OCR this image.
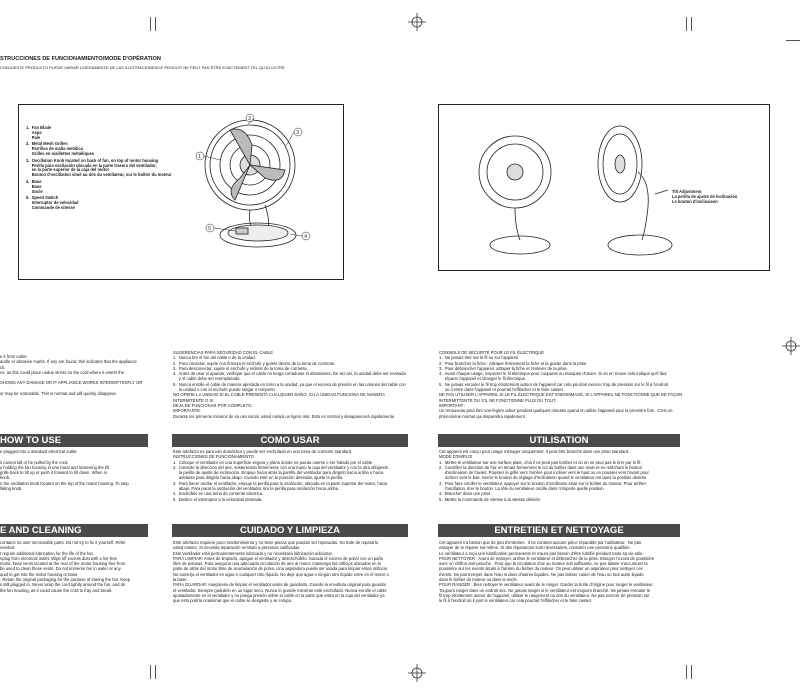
STRUCCIONES DE FUNCIONAMIENTO/MODE D'OPÉRATION
CONJUESTE PRODUCTO PUEDE VARIAR LIGERAMENTE DE LAS ILUSTRACIONES/LE PRODUIT NE PEUT PAS ÊTRE EXACTEMENT TEL QU'ILLUSTRÉ
1.  Fan Blade
Aspa
Pale
2.  Metal Mesh Grilles
Parrillas de malla metálica
Grilles en maillettes métalliques
3.  Oscillation Knob located on back of fan, on top of motor housing
Perilla para oscilación ubicada en la parte trasera del ventilador,
en la parte superior de la caja del motor
Bouton d'oscillation situé au dos du ventilateur, sur le boîtier du moteur
4.  Base
Base
Socle
5.  Speed Switch
Interruptor de velocidad
Commande de vitesse
1
2
3
4
5
Tilt Adjustment
La perilla de ajuste de inclinación
Le bouton d'inclinaison
e it from outlet.
andle or abrasive marks. If any are found, this indicates that the appliance
ck.
ce, as this could place undue stress on the cord where it enters the

SHOWS ANY DAMAGE OR IF APPLIANCE WORKS INTERMITTENTLY OR

or may be noticeable. This is normal and will quickly disappear.
HOW TO USE
e plugged into a standard electrical outlet.

it cannot fall or be pulled by the cord.
y holding the fan housing in one hand and loosening the tilt
grille back to tilt up or push it forward to tilt down. When in
knob.
n the oscillation knob located on the top of the motor housing. To stop
llating knob.
E AND CLEANING
contains no user serviceable parts. Do not try to fix it yourself. Refer
needed.
t require additional lubrication for the life of the fan.
nplug from electrical outlet. Wipe off excess dust with a lint-free
motor, keep vents located at the rear of the motor housing free from
be used to clean these vents. Do not immerse fan in water or any
quid to get into the motor housing or base.
. Retain the original packaging for the purpose of storing the fan. Keep
s still plugged in. Never wrap the cord tightly around the fan, and do
the fan housing, as it could cause the cord to fray and break.
SUGERENCIAS PARA SEGURIDAD CON EL CABLE
1.  Nunca tire el tire del cable o de la unidad.
2.  Para conectar, sujete con firmeza el enchufe y guíelo dentro de la toma de corriente.
3.  Para desconectar, sujete el enchufe y retírelo de la toma de corriente.
4.  Antes de usar el aparato, verifique que el cable no tenga cortaduras ni abrasiones. De ser así, la unidad debe ser revisada
y el cable debe ser reemplazado.
5.  Nunca enrolle el cable de manera apretada en torno a la unidad, ya que el exceso de presión en las uniones del cable con
la unidad o con el enchufe puede rasgar o romperlo.
NO OPERE LA UNIDAD SI EL CABLE PRESENTA CUALQUIER DAÑO, SI LA UNIDAD FUNCIONA DE MANERA INTERMITENTE O SI
DEJA DE FUNCIONAR POR COMPLETO.
IMPORTANTE:
Durante los primeros minutos de su uso inicial, usted notará un ligero olor. Esto es normal y desaparecerá rápidamente.
COMO USAR
Este artefacto es para uso doméstico y puede ser enchufado en una toma de corriente standard.
INSTRUCCIONES DE FUNCIONAMIENTO
1.  Coloque el ventilador en una superficie segura y plana donde no pueda caerse o ser halado por el cable.
2.  Controle la dirección del aire, sosteniendo firmemente con una mano la caja del ventilador y con la otra aflojando
la perilla de ajuste de inclinación. Empuje hacia atrás la parrilla del ventilador para dirigirlo hacia arriba o hacia
adelante para dirigirlo hacia abajo. Cuando esté en la posición deseada, ajuste la perilla.
3.  Para hacer oscilar el ventilador, empuje la perilla para la oscilación, ubicada en la parte superior del motor, hacia
abajo. Para parar la oscilación del ventilador, tire la perilla para oscilación hacia arriba.
4.  Enchúfelo en una toma de corriente eléctrica.
5.  Deslice el interruptor a la velocidad deseada.
CUIDADO Y LIMPIEZA
Este artefacto requiere poco mantenimiento y no tiene piezas que puedan ser reparadas. No trate de repararlo
usted mismo. Si necesita reparación remítalo a personas calificadas.
Este ventilador está permanentemente lubricado y no necesitará lubricación adicional.
PARA LIMPIAR: Antes de limpiarlo, apague el ventilador y desenchúfelo. Sacuda el exceso de polvo con un paño
libre de pelusas. Para asegurar una adecuada circulación de aire al motor, mantenga los orificios ubicados en la
parte de atrás del motor libre de acumulación de polvo. Una aspiradora puede ser usada para limpiar estos orificios.
No sumerja el ventilador en agua o cualquier otro líquido. No deje que agua o ningún otro líquido entre en el motor o
la base.
PARA GUARDAR: Asegúrese de limpiar el ventilador antes de guardarlo. Guarde la envoltura original para guardar
el ventilador. Siempre guárdelo en un lugar seco. Nunca lo guarde mientras esté enchufado. Nunca enrolle el cable
ajustadamente en el ventilador y no ponga presión sobre el cable en la parte que entra en la caja del ventilador ya
que esto podría ocasionar que el cable se desgaste y se rompa.
CONSEILS DE SÉCURITÉ POUR LE FIL ÉLECTRIQUE
1.  Ne jamais tirer sur le fil ou sur l'appareil
2.  Pour brancher la fiche : Attraper fermement la fiche et la guider dans la prise.
3.  Pour débrancher l'appareil, attraper la fiche et l'enlever de la prise.
4.  Avant chaque usage, inspecter le fil électrique pour coupures ou marques d'usure. Si on en trouve cela indique qu'il faut
réparer l'appareil et changer le fil électrique.
5.  Ne jamais enrouler le fil trop étroitement autour de l'appareil car cela pourrait exercer trop de pression sur le fil à l'endroit
où il entre dans l'appareil et pourrait l'effilocher et le faire casser.
NE PAS UTILISER L'APPAREIL SI LE FIL ÉLECTRIQUE EST ENDOMMAGÉ, SI L'APPAREIL NE FONCTIONNE QUE DE FAÇON
INTERMITTENTE OU S'IL NE FONCTIONNE PLUS DU TOUT.
IMPORTANT :
Un renouveau peut être une légère odeur pendant quelques minutes quand on utilise l'appareil pour la première fois.  C'est un
phénomène normal qui disparaîtra rapidement.
UTILISATION
Cet appareil est conçu pour usage ménager uniquement. Il peut être branché dans une prise standard.
MODE D'EMPLOI
1.  Mettre le ventilateur sur une surface plate, d'où il ne peut pas tomber et où on ne peut pas le tirer par le fil.
2.  Contrôler la direction de l'air en tenant fermement le col du boîtier dans une main et en relâchant le bouton
d'inclinaison de l'avant. Pousser la grille vers l'arrière pour incliner vers le haut ou en pousser vers l'avant pour
incliner vers le bas. Serrer le bouton de réglage d'inclinaison quand le ventilateur est dans la position désirée.
3.  Pour faire osciller le ventilateur, appuyer sur le bouton d'oscillation situé sur le boîtier du moteur. Pour arrêter
l'oscillation, tirer le bouton. La tête du ventilateur oscille dans n'importe quelle position.
4.  Brancher dans une prise.
5.  Mettre la commande de vitesse à la vitesse désirée.
ENTRETIEN ET NETTOYAGE
Cet appareil n'a besoin que de peu d'entretien.  Il ne contient aucune pièce réparable par l'utilisateur.  Ne pas
essayer de le réparer soi-même. Si des réparations sont nécessaires, consulter une personne qualifiée.
Le ventilateur a reçu une lubrification permanente et n'aura pas besoin d'être lubrifié pendant toute sa vie utile.
POUR NETTOYER : Avant de nettoyer, arrêter le ventilateur et débrancher de la prise. Essuyer l'excès de poussière
avec un chiffon anti-peluche.  Pour que la circulation d'air au moteur soit suffisante, ne pas laisser s'accumuler la
poussière sur les évents situés à l'arrière du boîtier du moteur. On peut utiliser un aspirateur pour nettoyer ces
évents. Ne pas tremper dans l'eau ni dans d'autres liquides. Ne pas laisser couler de l'eau ou tout autre liquide
dans le boîtier du moteur ou dans le socle.
POUR RANGER : Bien nettoyer le ventilateur avant de le ranger. Garder la boîte d'origine pour ranger le ventilateur.
Toujours ranger dans un endroit sec. Ne jamais ranger si le ventilateur est toujours branché. Ne jamais enrouler le
fil trop étroitement autour de l'appareil, utiliser le rangement ou dos du ventilateur. Ne pas exercer de pression sur
le fil à l'endroit où il joint le ventilateur car cela pourrait l'effilocher et le faire casser.
